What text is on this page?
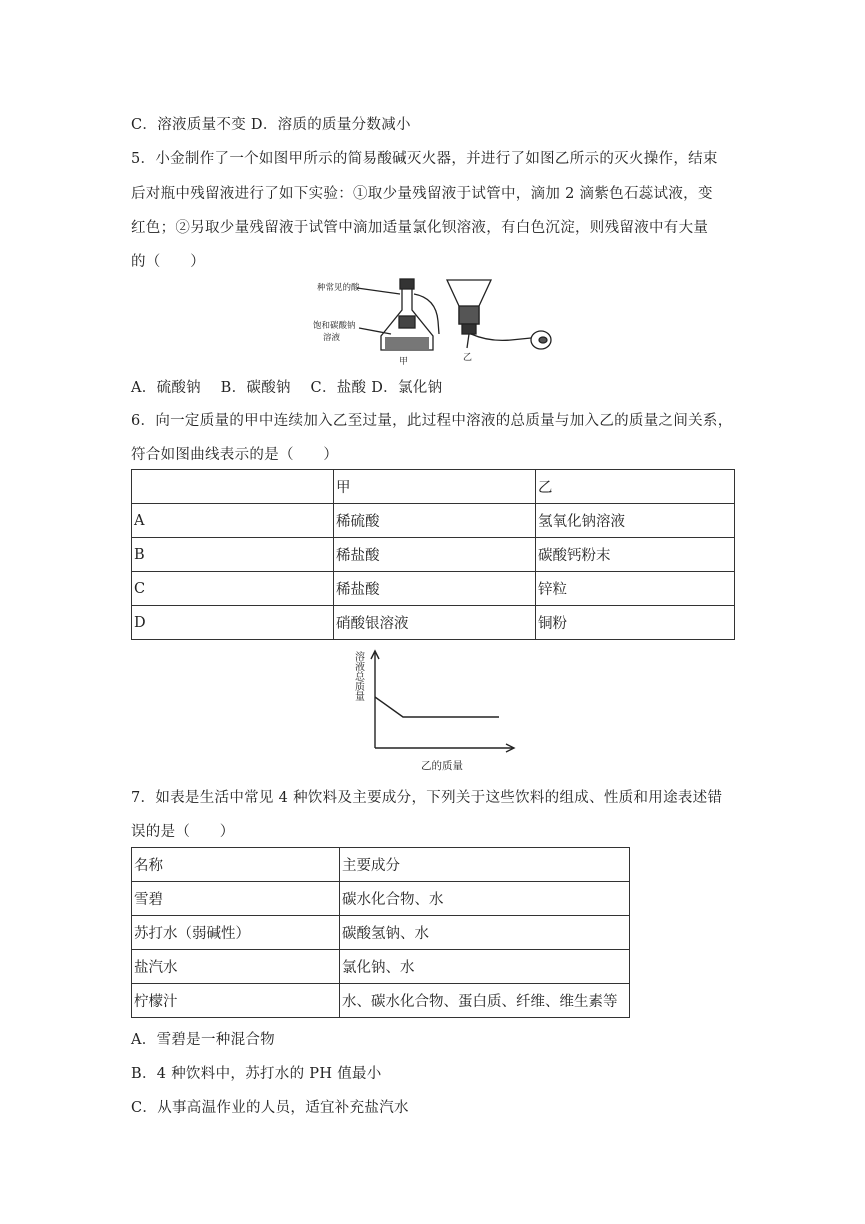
C．溶液质量不变 D．溶质的质量分数减小
5．小金制作了一个如图甲所示的简易酸碱灭火器，并进行了如图乙所示的灭火操作，结束
后对瓶中残留液进行了如下实验：①取少量残留液于试管中，滴加 2 滴紫色石蕊试液，变
红色；②另取少量残留液于试管中滴加适量氯化钡溶液，有白色沉淀，则残留液中有大量
的（　　）
种常见的酸
饱和碳酸钠
溶液
甲	乙
A．硫酸钠　 B．碳酸钠　 C．盐酸 D．氯化钠
6．向一定质量的甲中连续加入乙至过量，此过程中溶液的总质量与加入乙的质量之间关系，
符合如图曲线表示的是（　　）
	甲	乙
A	稀硫酸	氢氧化钠溶液
B	稀盐酸	碳酸钙粉末
C	稀盐酸	锌粒
D	硝酸银溶液	铜粉
溶液总质量
乙的质量
7．如表是生活中常见 4 种饮料及主要成分，下列关于这些饮料的组成、性质和用途表述错
误的是（　　）
名称	主要成分
雪碧	碳水化合物、水
苏打水（弱碱性）	碳酸氢钠、水
盐汽水	氯化钠、水
柠檬汁	水、碳水化合物、蛋白质、纤维、维生素等
A．雪碧是一种混合物
B．4 种饮料中，苏打水的 PH 值最小
C．从事高温作业的人员，适宜补充盐汽水
